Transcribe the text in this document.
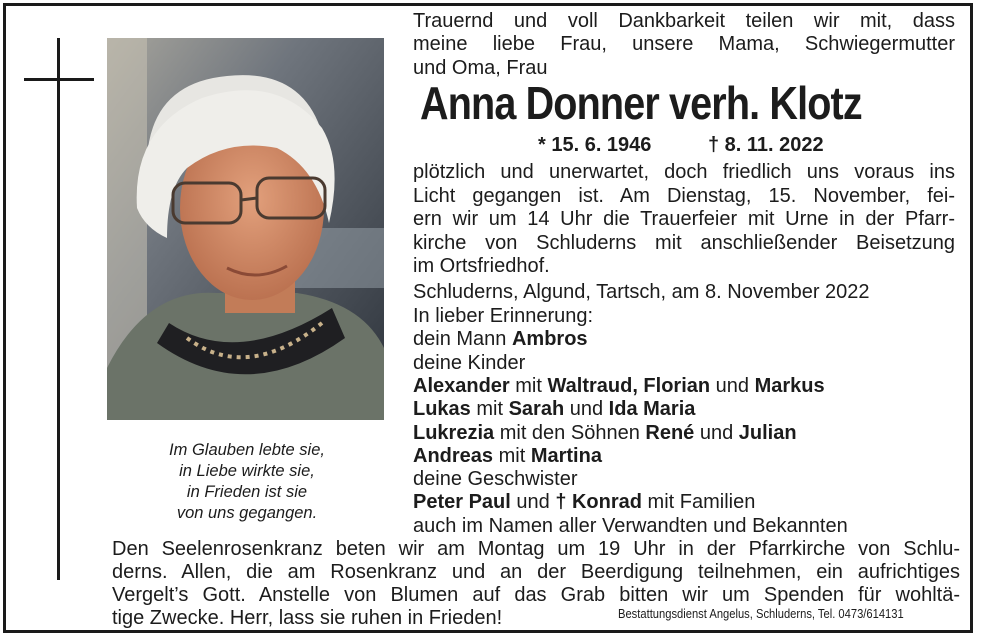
Im Glauben lebte sie,
in Liebe wirkte sie,
in Frieden ist sie
von uns gegangen.
Trauernd und voll Dankbarkeit teilen wir mit, dass
meine liebe Frau, unsere Mama, Schwiegermutter
und Oma, Frau
Anna Donner verh. Klotz
* 15. 6. 1946	† 8. 11. 2022
plötzlich und unerwartet, doch friedlich uns voraus ins
Licht gegangen ist. Am Dienstag, 15. November, fei-
ern wir um 14 Uhr die Trauerfeier mit Urne in der Pfarr-
kirche von Schluderns mit anschließender Beisetzung
im Ortsfriedhof.
Schluderns, Algund, Tartsch, am 8. November 2022
In lieber Erinnerung:
dein Mann Ambros
deine Kinder
Alexander mit Waltraud, Florian und Markus
Lukas mit Sarah und Ida Maria
Lukrezia mit den Söhnen René und Julian
Andreas mit Martina
deine Geschwister
Peter Paul und † Konrad mit Familien
auch im Namen aller Verwandten und Bekannten
Den Seelenrosenkranz beten wir am Montag um 19 Uhr in der Pfarrkirche von Schlu-
derns. Allen, die am Rosenkranz und an der Beerdigung teilnehmen, ein aufrichtiges
Vergelt’s Gott. Anstelle von Blumen auf das Grab bitten wir um Spenden für wohltä-
tige Zwecke. Herr, lass sie ruhen in Frieden!	Bestattungsdienst Angelus, Schluderns, Tel. 0473/614131
